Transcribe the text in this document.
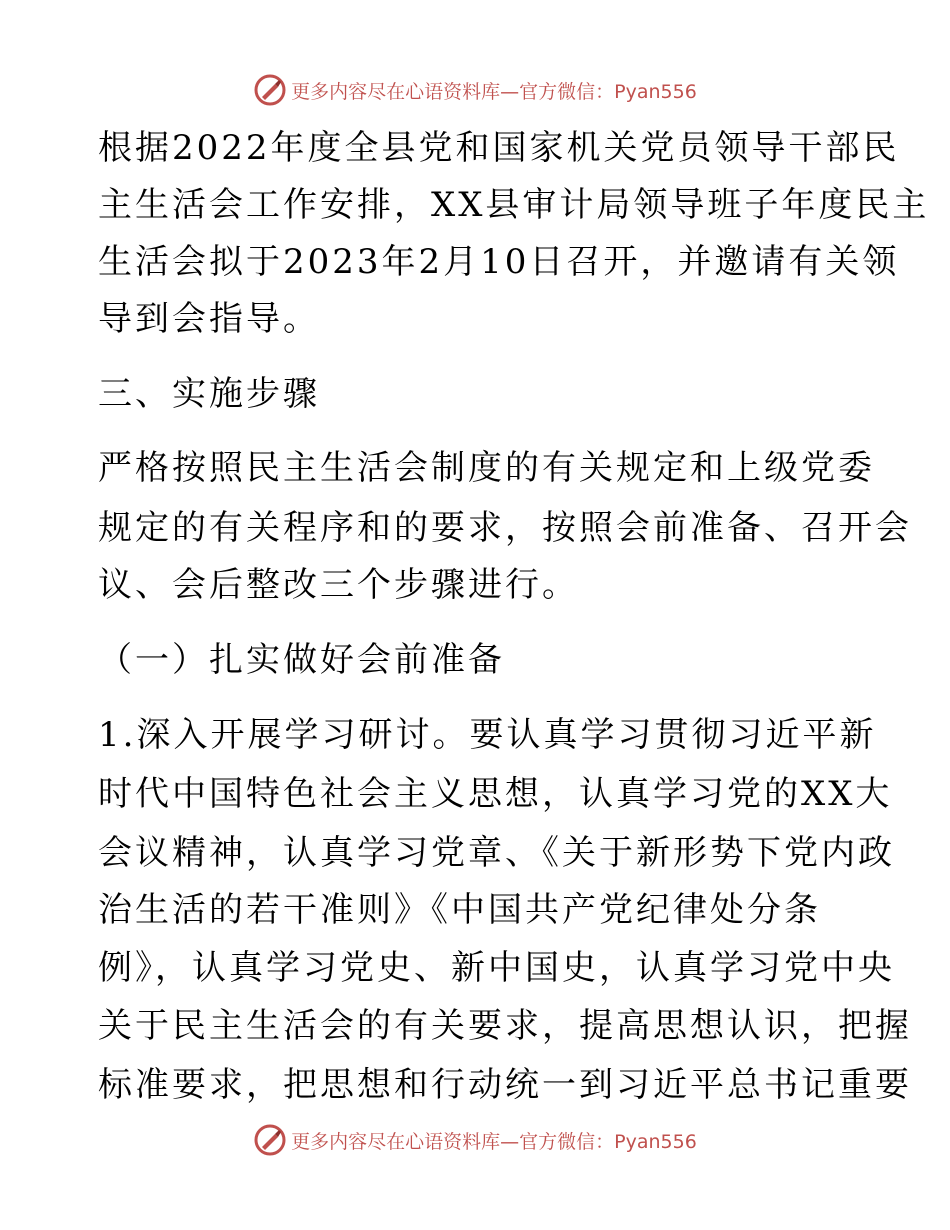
更多内容尽在心语资料库—官方微信：Pyan556
根据2022年度全县党和国家机关党员领导干部民
主生活会工作安排，XX县审计局领导班子年度民主
生活会拟于2023年2月10日召开，并邀请有关领
导到会指导。
三、实施步骤
严格按照民主生活会制度的有关规定和上级党委
规定的有关程序和的要求，按照会前准备、召开会
议、会后整改三个步骤进行。
（一）扎实做好会前准备
1.深入开展学习研讨。要认真学习贯彻习近平新
时代中国特色社会主义思想，认真学习党的XX大
会议精神，认真学习党章、《关于新形势下党内政
治生活的若干准则》《中国共产党纪律处分条
例》，认真学习党史、新中国史，认真学习党中央
关于民主生活会的有关要求，提高思想认识，把握
标准要求，把思想和行动统一到习近平总书记重要
更多内容尽在心语资料库—官方微信：Pyan556
